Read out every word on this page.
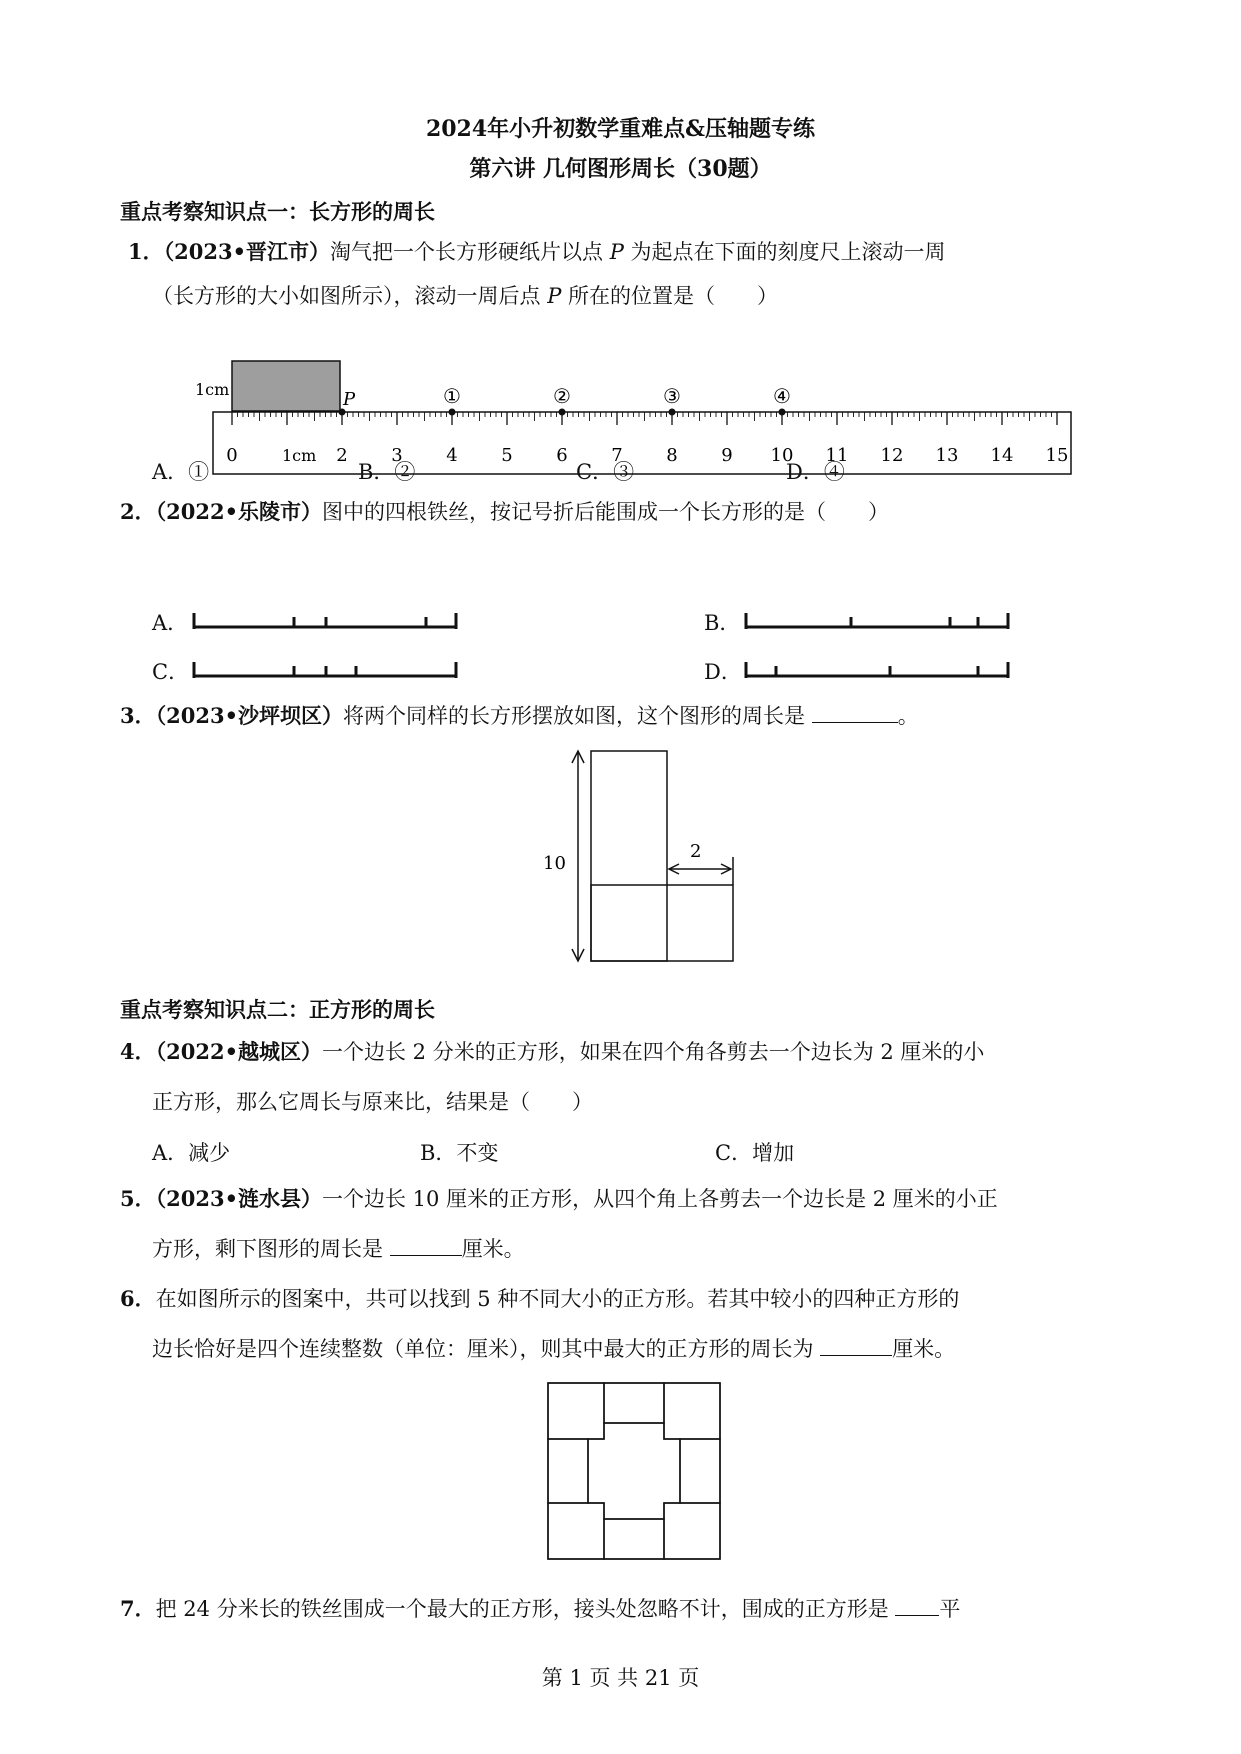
2024年小升初数学重难点&压轴题专练
第六讲 几何图形周长（30题）
重点考察知识点一：长方形的周长
1．（2023•晋江市）淘气把一个长方形硬纸片以点 P 为起点在下面的刻度尺上滚动一周
（长方形的大小如图所示），滚动一周后点 P 所在的位置是（　　）
1cm	P
0	2 3 4 5 6 7 8 9 10 11 12 13 14 15
①	②	③	④
1cm
A．①	B．②	C．③	D．④
2．（2022•乐陵市）图中的四根铁丝，按记号折后能围成一个长方形的是（　　）
A．	B．
C．	D．
3．（2023•沙坪坝区）将两个同样的长方形摆放如图，这个图形的周长是	。
10
2
重点考察知识点二：正方形的周长
4．（2022•越城区）一个边长 2 分米的正方形，如果在四个角各剪去一个边长为 2 厘米的小
正方形，那么它周长与原来比，结果是（　　）
A．减少	B．不变	C．增加
5．（2023•涟水县）一个边长 10 厘米的正方形，从四个角上各剪去一个边长是 2 厘米的小正
方形，剩下图形的周长是	厘米。
6．在如图所示的图案中，共可以找到 5 种不同大小的正方形。若其中较小的四种正方形的
边长恰好是四个连续整数（单位：厘米），则其中最大的正方形的周长为	厘米。
7．把 24 分米长的铁丝围成一个最大的正方形，接头处忽略不计，围成的正方形是 平
第 1 页 共 21 页
